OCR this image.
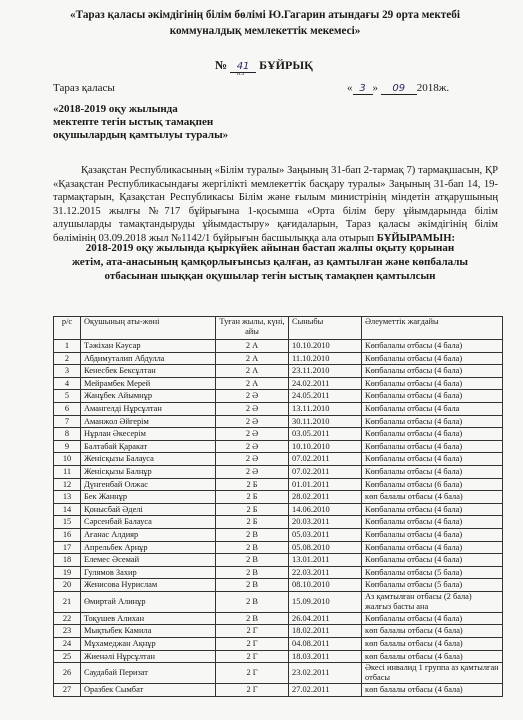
«Тараз қаласы әкімдігінің білім бөлімі Ю.Гагарин атындағы 29 орта мектебі
коммуналдық мемлекеттік мекемесі»
№ 41 БҰЙРЫҚ
н.з
Тараз қаласы	« 3 » 09 2018ж.
«2018-2019 оқу жылында
мектепте тегін ыстық тамақпен
оқушылардың қамтылуы туралы»
Қазақстан Республикасының «Білім туралы» Заңының 31-бап 2-тармақ 7) тармақшасын, ҚР «Қазақстан Республикасындағы жергілікті мемлекеттік басқару туралы» Заңының 31-бап 14, 19-тармақтарын, Қазақстан Республикасы Білім және ғылым министрінің міндетін атқарушының 31.12.2015 жылғы №717 бұйрығына 1-қосымша «Орта білім беру ұйымдарында білім алушыларды тамақтандыруды ұйымдастыру» қағидаларын, Тараз қаласы әкімдігінің білім бөлімінің 03.09.2018 жыл №1142/1 бұйрығын басшылыққа ала отырып БҰЙЫРАМЫН:
2018-2019 оқу жылында қыркүйек айынан бастап жалпы оқыту қорынан
жетім, ата-анасының қамқорлығынсыз қалған, аз қамтылған және көпбалалы
отбасынан шыққан оқушылар тегін ыстық тамақпен қамтылсын
р/с	Оқушының аты-жөні	Туған жылы, күні, айы	Сыныбы	Әлеуметтік жағдайы
1	Тәжіхан Кәусар	2 А	10.10.2010	Көпбалалы отбасы (4 бала)
2	Абдимуталип Абдулла	2 А	11.10.2010	Көпбалалы отбасы (4 бала)
3	Кенесбек Бексұлтан	2 А	23.11.2010	Көпбалалы отбасы (4 бала)
4	Мейрамбек Мерей	2 А	24.02.2011	Көпбалалы отбасы (4 бала)
5	Жанұбек Айымнұр	2 Ә	24.05.2011	Көпбалалы отбасы (4 бала)
6	Амангелді Нұрсұлтан	2 Ә	13.11.2010	Көпбалалы отбасы (4 бала
7	Аманжол Әйгерім	2 Ә	30.11.2010	Көпбалалы отбасы (4 бала)
8	Нұрлан Әкесерім	2 Ә	03.05.2011	Көпбалалы отбасы (4 бала)
9	Балтабай Қаракат	2 Ә	10.10.2010	Көпбалалы отбасы (4 бала)
10	Женісқызы Балауса	2 Ә	07.02.2011	Көпбалалы отбасы (4 бала)
11	Женісқызы Балнұр	2 Ә	07.02.2011	Көпбалалы отбасы (4 бала)
12	Дүнгенбай Олжас	2 Б	01.01.2011	Көпбалалы отбасы (6 бала)
13	Бек Жаннұр	2 Б	28.02.2011	көп балалы отбасы (4 бала)
14	Қонысбай Әделі	2 Б	14.06.2010	Көпбалалы отбасы (4 бала)
15	Сәрсенбай Балауса	2 Б	20.03.2011	Көпбалалы отбасы (4 бала)
16	Ағанас Алдияр	2 В	05.03.2011	Көпбалалы отбасы (4 бала)
17	Апрельбек Арнұр	2 В	05.08.2010	Көпбалалы отбасы (4 бала)
18	Елемес Әсемай	2 В	13.01.2011	Көпбалалы отбасы (4 бала)
19	Гулямов Захир	2 В	22.03.2011	Көпбалалы отбасы (5 бала)
20	Женисова Нурислам	2 В	08.10.2010	Көпбалалы отбасы (5 бала)
21	Өмиртай Алинұр	2 В	15.09.2010	Аз қамтылған отбасы (2 бала) жалғыз басты ана
22	Тоқушев Алихан	2 В	26.04.2011	Көпбалалы отбасы (4 бала)
23	Мықтыбек Камила	2 Г	18.02.2011	көп балалы отбасы (4 бала)
24	Мұхамеджан Ақнұр	2 Г	04.08.2011	көп балалы отбасы (4 бала)
25	Жиенәлі Нұрсұлтан	2 Г	18.03.2011	көп балалы отбасы (4 бала)
26	Саудабай Перизат	2 Г	23.02.2011	Әкесі инвалид 1 группа аз қамтылған отбасы
27	Оразбек Сымбат	2 Г	27.02.2011	көп балалы отбасы (4 бала)
